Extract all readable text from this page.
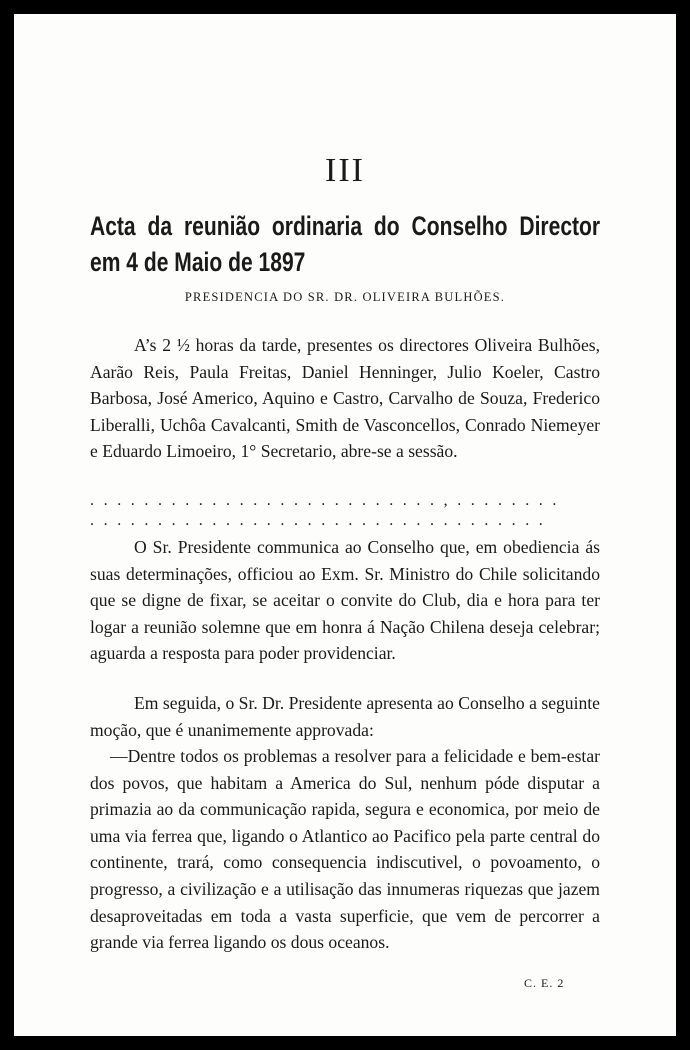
III
Acta da reunião ordinaria do Conselho Director em 4 de Maio de 1897
PRESIDENCIA DO SR. DR. OLIVEIRA BULHÕES.
A’s 2 ½ horas da tarde, presentes os directores Oliveira Bulhões, Aarão Reis, Paula Freitas, Daniel Henninger, Julio Koeler, Castro Barbosa, José Americo, Aquino e Castro, Carvalho de Souza, Frederico Liberalli, Uchôa Cavalcanti, Smith de Vasconcellos, Conrado Niemeyer e Eduardo Limoeiro, 1° Secretario, abre-se a sessão.
..........................,........
..................................
O Sr. Presidente communica ao Conselho que, em obediencia ás suas determinações, officiou ao Exm. Sr. Ministro do Chile solicitando que se digne de fixar, se aceitar o convite do Club, dia e hora para ter logar a reunião solemne que em honra á Nação Chilena deseja celebrar; aguarda a resposta para poder providenciar.
Em seguida, o Sr. Dr. Presidente apresenta ao Conselho a seguinte moção, que é unanimemente approvada:
—Dentre todos os problemas a resolver para a felicidade e bem-estar dos povos, que habitam a America do Sul, nenhum póde disputar a primazia ao da communicação rapida, segura e economica, por meio de uma via ferrea que, ligando o Atlantico ao Pacifico pela parte central do continente, trará, como consequencia indiscutivel, o povoamento, o progresso, a civilização e a utilisação das innumeras riquezas que jazem desaproveitadas em toda a vasta superficie, que vem de percorrer a grande via ferrea ligando os dous oceanos.
C. E. 2
